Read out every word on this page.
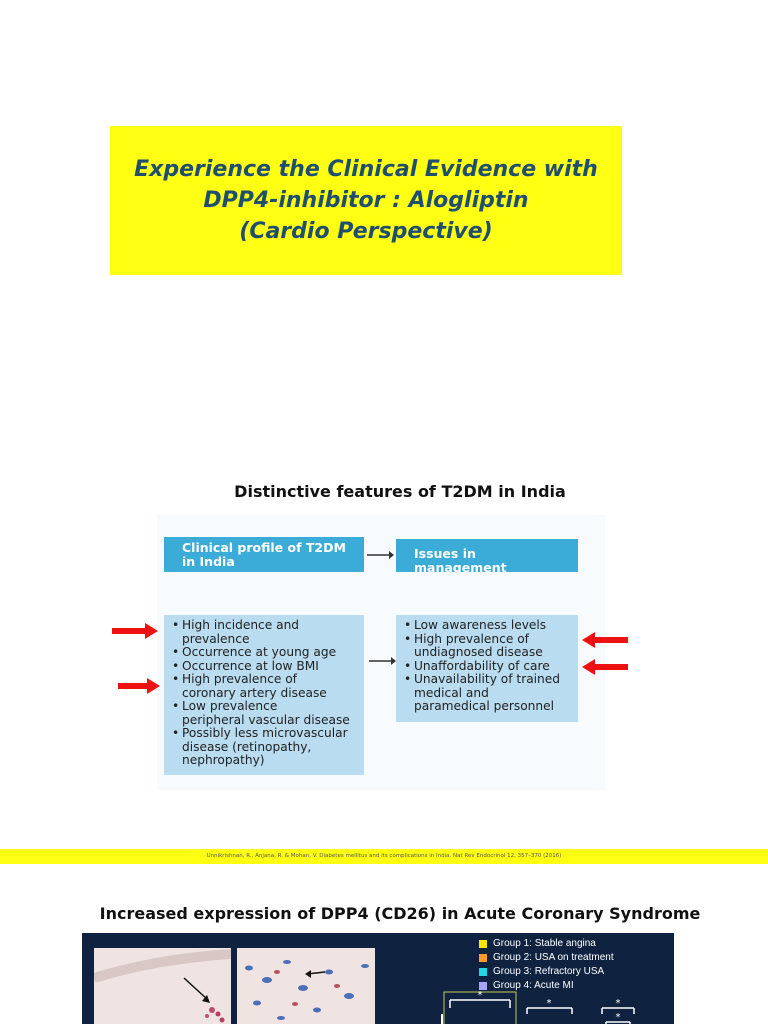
Experience the Clinical Evidence with
DPP4-inhibitor : Alogliptin
(Cardio Perspective)
Distinctive features of T2DM in India
Clinical profile of T2DM
in India
Issues in management
• High incidence and
prevalence
• Occurrence at young age
• Occurrence at low BMI
• High prevalence of
coronary artery disease
• Low prevalence
peripheral vascular disease
• Possibly less microvascular
disease (retinopathy,
nephropathy)
• Low awareness levels
• High prevalence of
undiagnosed disease
• Unaffordability of care
• Unavailability of trained
medical and
paramedical personnel
Unnikrishnan, R., Anjana, R. & Mohan, V. Diabetes mellitus and its complications in India. Nat Rev Endocrinol 12, 357–370 (2016)
Increased expression of DPP4 (CD26) in Acute Coronary Syndrome
Group 1: Stable angina
Group 2: USA on treatment
Group 3: Refractory USA
Group 4: Acute MI
*
*	*
*
